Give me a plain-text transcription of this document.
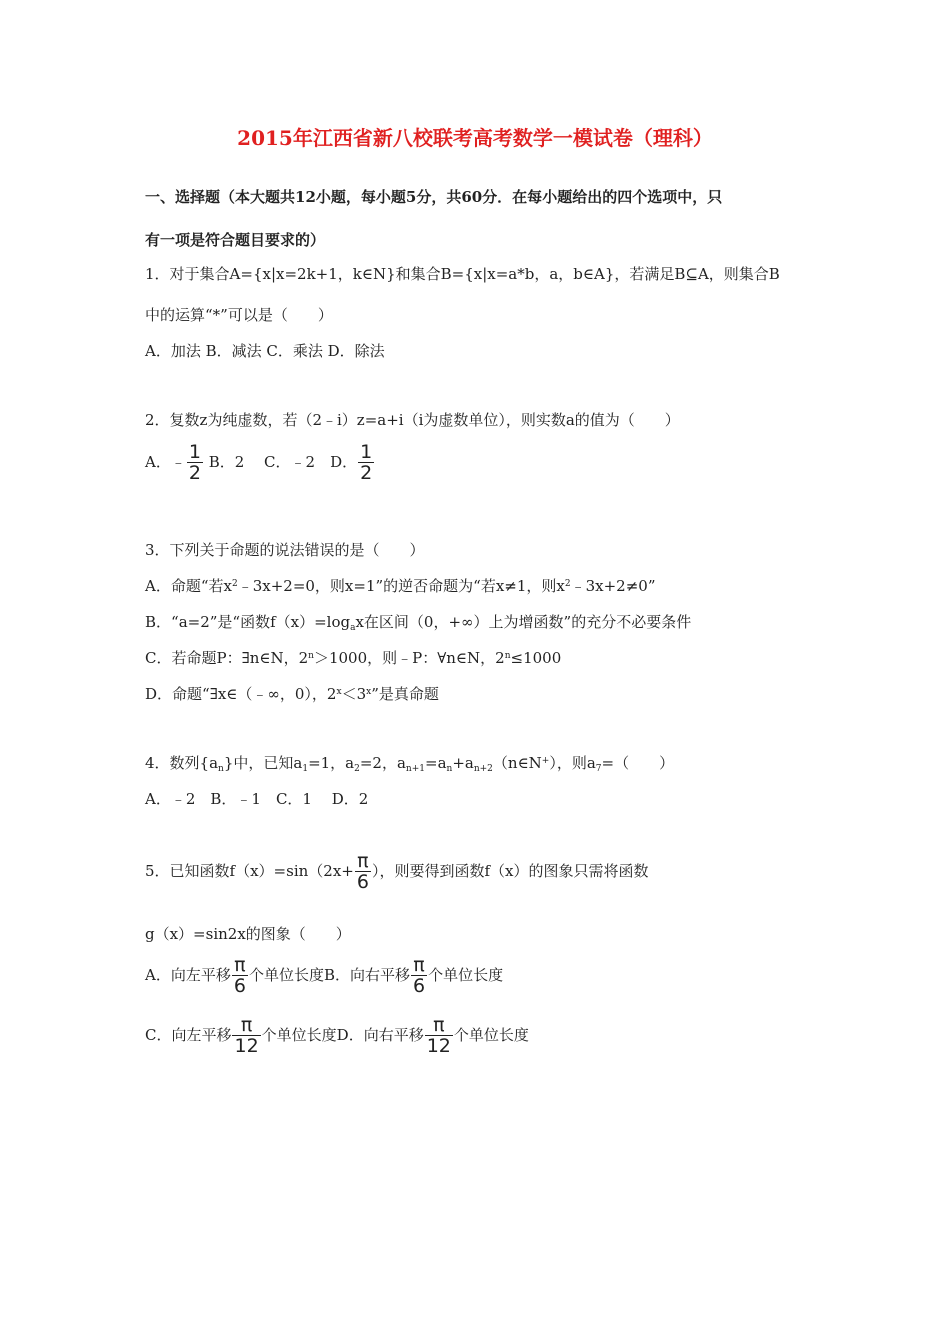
2015年江西省新八校联考高考数学一模试卷（理科）
一、选择题（本大题共12小题，每小题5分，共60分．在每小题给出的四个选项中，只
有一项是符合题目要求的）
1．对于集合A={x|x=2k+1，k∈N}和集合B={x|x=a*b，a，b∈A}，若满足B⊆A，则集合B
中的运算“*”可以是（　　）
A．加法 B．减法 C．乘法 D．除法
2．复数z为纯虚数，若（2﹣i）z=a+i（i为虚数单位），则实数a的值为（　　）
A．﹣ $\frac{1}{2}$ B．2　 C．﹣2　D． $\frac{1}{2}$
3．下列关于命题的说法错误的是（　　）
A．命题“若$x^2﹣3x+2=0$，则x=1”的逆否命题为“若x≠1，则$x^2﹣3x+2\ne 0$”
B．“a=2”是“函数$f(x)=\log_ax$在区间（0，+∞）上为增函数”的充分不必要条件
C．若命题P：∃n∈N，$2^n>1000$，则﹣P：∀n∈N，$2^n\le 1000$
D．命题“∃x∈（﹣∞，0），$2^x<3^x$”是真命题
4．数列$\{a_n\}$中，已知$a_1=1$，$a_2=2$，$a_{n+1}=a_n+a_{n+2}(n\in N^+)$，则$a_7=$（　　）
A．﹣2　B．﹣1　C．1　 D．2
5．已知函数$f(x)=\sin(2x+ \frac{\pi}{6}$ ），则要得到函数f（x）的图象只需将函数
g（x）=sin2x的图象（　　）
A．向左平移 $\frac{\pi}{6}$ 个单位长度B．向右平移 $\frac{\pi}{6}$ 个单位长度
C．向左平移 $\frac{\pi}{12}$ 个单位长度D．向右平移 $\frac{\pi}{12}$ 个单位长度
